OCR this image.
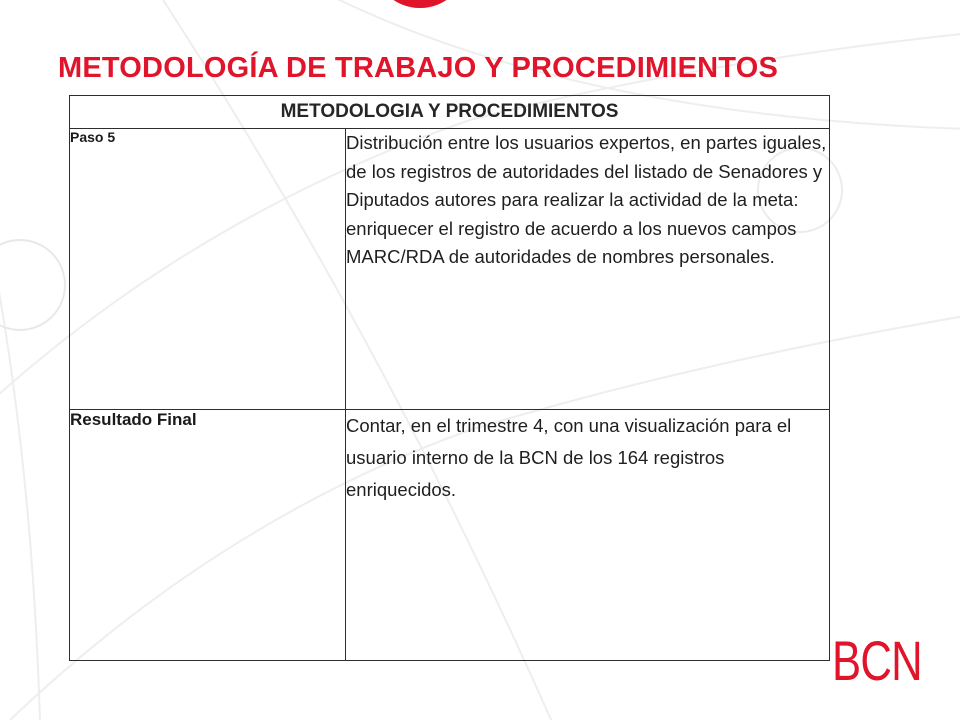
METODOLOGÍA DE TRABAJO Y PROCEDIMIENTOS
METODOLOGIA Y PROCEDIMIENTOS	
Paso 5	Distribución entre los usuarios expertos, en partes iguales, de los registros de autoridades del listado de Senadores y Diputados autores para realizar la actividad de la meta: enriquecer el registro de acuerdo a los nuevos campos MARC/RDA de autoridades de nombres personales.
Resultado Final	Contar, en el trimestre 4, con una visualización para el usuario interno de la BCN de los 164 registros enriquecidos.
BCN
